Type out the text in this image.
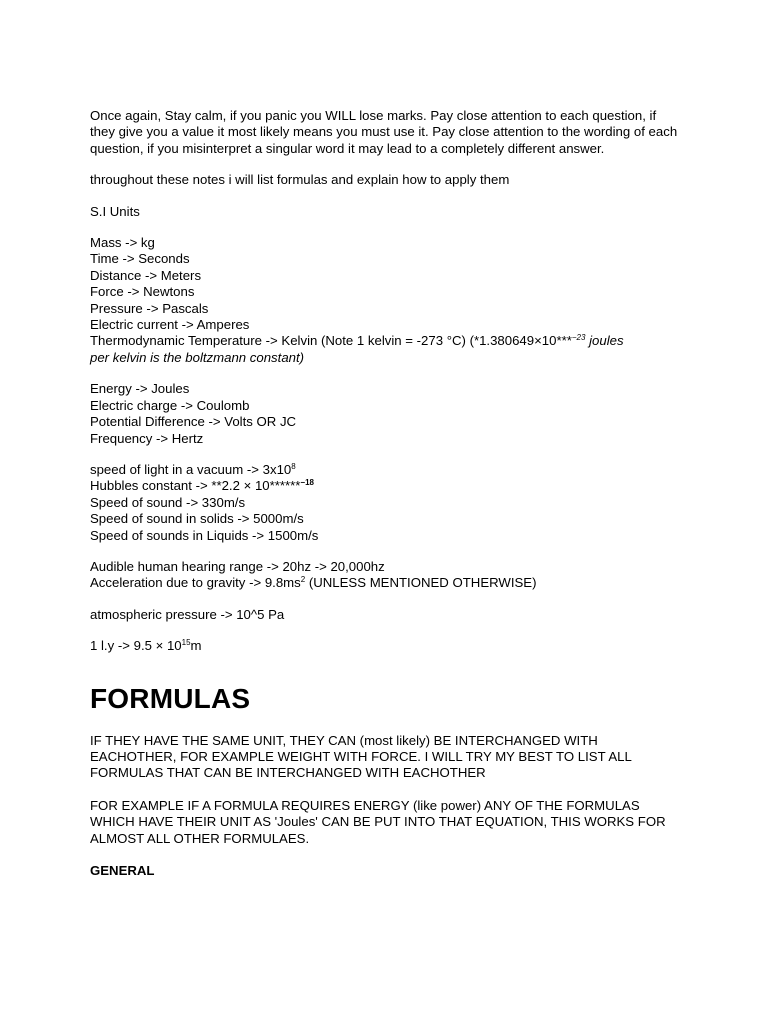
Once again, Stay calm, if you panic you WILL lose marks. Pay close attention to each question, if they give you a value it most likely means you must use it. Pay close attention to the wording of each question, if you misinterpret a singular word it may lead to a completely different answer.

throughout these notes i will list formulas and explain how to apply them

S.I Units

Mass -> kg
Time -> Seconds
Distance -> Meters
Force -> Newtons
Pressure -> Pascals
Electric current -> Amperes
Thermodynamic Temperature -> Kelvin (Note 1 kelvin = -273 °C) (*1.380649×10***$^{-23}$ joules
per kelvin is the boltzmann constant)

Energy -> Joules
Electric charge -> Coulomb
Potential Difference -> Volts OR JC
Frequency -> Hertz

speed of light in a vacuum -> $3x10^8$
Hubbles constant -> **2.2 × 10******$^{-18}$
Speed of sound -> 330m/s
Speed of sound in solids -> 5000m/s
Speed of sounds in Liquids -> 1500m/s

Audible human hearing range -> 20hz -> 20,000hz
Acceleration due to gravity -> $9.8ms^2$ (UNLESS MENTIONED OTHERWISE)

atmospheric pressure -> 10^5 Pa

1 $l.y -> 9.5 \times 10^{15}m$

FORMULAS

IF THEY HAVE THE SAME UNIT, THEY CAN (most likely) BE INTERCHANGED WITH EACHOTHER, FOR EXAMPLE WEIGHT WITH FORCE. I WILL TRY MY BEST TO LIST ALL FORMULAS THAT CAN BE INTERCHANGED WITH EACHOTHER

FOR EXAMPLE IF A FORMULA REQUIRES ENERGY (like power) ANY OF THE FORMULAS WHICH HAVE THEIR UNIT AS 'Joules' CAN BE PUT INTO THAT EQUATION, THIS WORKS FOR ALMOST ALL OTHER FORMULAES.

GENERAL
